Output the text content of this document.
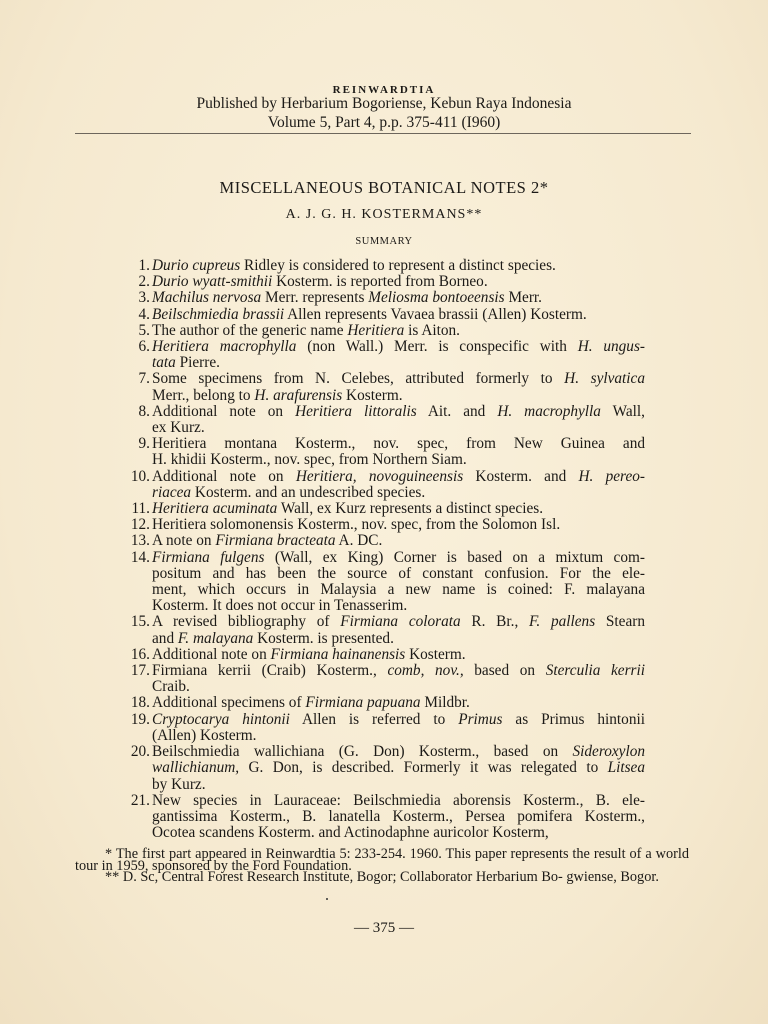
REINWARDTIA
Published by Herbarium Bogoriense, Kebun Raya Indonesia
Volume 5, Part 4, p.p. 375-411 (I960)
MISCELLANEOUS BOTANICAL NOTES 2*
A. J. G. H. KOSTERMANS**
SUMMARY
1. Durio cupreus Ridley is considered to represent a distinct species.
2. Durio wyatt-smithii Kosterm. is reported from Borneo.
3. Machilus nervosa Merr. represents Meliosma bontoeensis Merr.
4. Beilschmiedia brassii Allen represents Vavaea brassii (Allen) Kosterm.
5. The author of the generic name Heritiera is Aiton.
6. Heritiera macrophylla (non Wall.) Merr. is conspecific with H. ungus-
tata Pierre.
7. Some specimens from N. Celebes, attributed formerly to H. sylvatica
Merr., belong to H. arafurensis Kosterm.
8. Additional note on Heritiera littoralis Ait. and H. macrophylla Wall,
ex Kurz.
9. Heritiera montana Kosterm., nov. spec, from New Guinea and
H. khidii Kosterm., nov. spec, from Northern Siam.
10. Additional note on Heritiera, novoguineensis Kosterm. and H. pereo-
riacea Kosterm. and an undescribed species.
11. Heritiera acuminata Wall, ex Kurz represents a distinct species.
12. Heritiera solomonensis Kosterm., nov. spec, from the Solomon Isl.
13. A note on Firmiana bracteata A. DC.
14. Firmiana fulgens (Wall, ex King) Corner is based on a mixtum com-
positum and has been the source of constant confusion. For the ele-
ment, which occurs in Malaysia a new name is coined: F. malayana
Kosterm. It does not occur in Tenasserim.
15. A revised bibliography of Firmiana colorata R. Br., F. pallens Stearn
and F. malayana Kosterm. is presented.
16. Additional note on Firmiana hainanensis Kosterm.
17. Firmiana kerrii (Craib) Kosterm., comb, nov., based on Sterculia kerrii
Craib.
18. Additional specimens of Firmiana papuana Mildbr.
19. Cryptocarya hintonii Allen is referred to Primus as Primus hintonii
(Allen) Kosterm.
20. Beilschmiedia wallichiana (G. Don) Kosterm., based on Sideroxylon
wallichianum, G. Don, is described. Formerly it was relegated to Litsea
by Kurz.
21. New species in Lauraceae: Beilschmiedia aborensis Kosterm., B. ele-
gantissima Kosterm., B. lanatella Kosterm., Persea pomifera Kosterm.,
Ocotea scandens Kosterm. and Actinodaphne auricolor Kosterm,

* The first part appeared in Reinwardtia 5: 233-254. 1960. This paper represents the result of a world tour in 1959, sponsored by the Ford Foundation.

** D. Sc, Central Forest Research Institute, Bogor; Collaborator Herbarium Bo- gwiense, Bogor.

— 375 —
